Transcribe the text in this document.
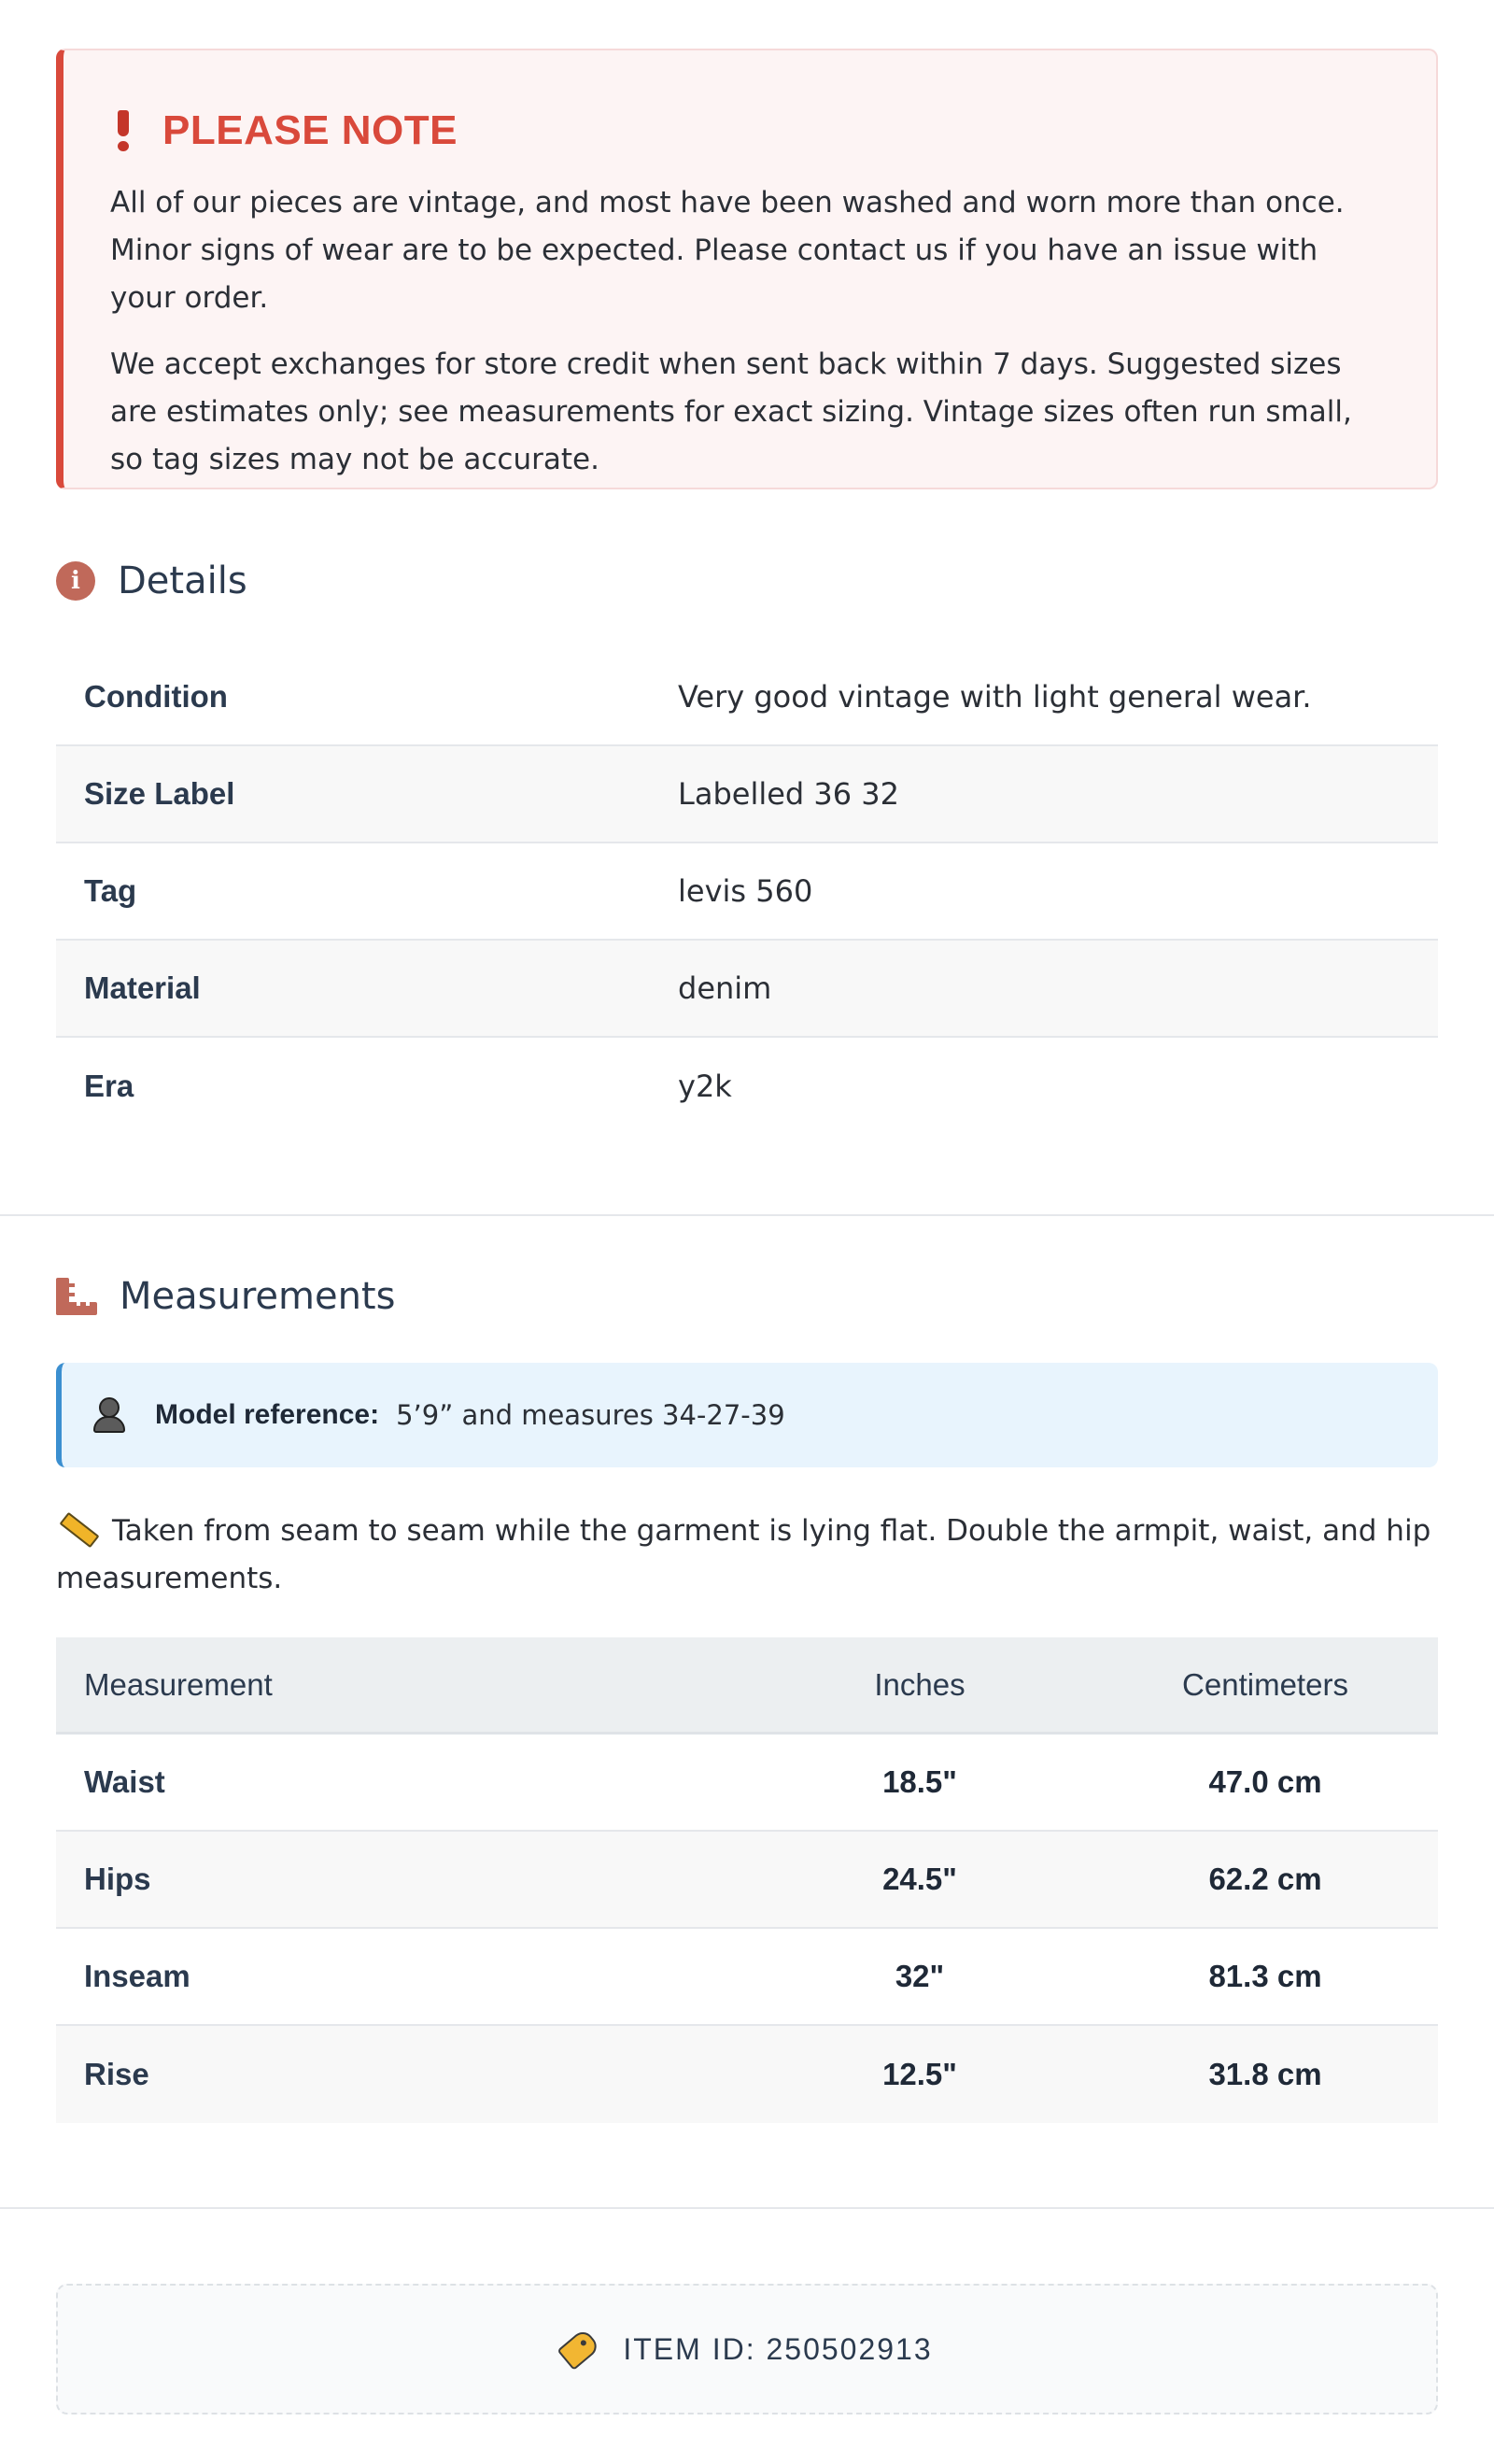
PLEASE NOTE

All of our pieces are vintage, and most have been washed and worn more than once. Minor signs of wear are to be expected. Please contact us if you have an issue with your order.

We accept exchanges for store credit when sent back within 7 days. Suggested sizes are estimates only; see measurements for exact sizing. Vintage sizes often run small, so tag sizes may not be accurate.

i	Details
Condition	Very good vintage with light general wear.
Size Label	Labelled 36 32
Tag	levis 560
Material	denim
Era	y2k
Measurements
Model reference: 5’9” and measures 34-27-39
Taken from seam to seam while the garment is lying flat. Double the armpit, waist, and hip measurements.
Measurement	Inches	Centimeters
Waist	18.5"	47.0 cm
Hips	24.5"	62.2 cm
Inseam	32"	81.3 cm
Rise	12.5"	31.8 cm
ITEM ID: 250502913
